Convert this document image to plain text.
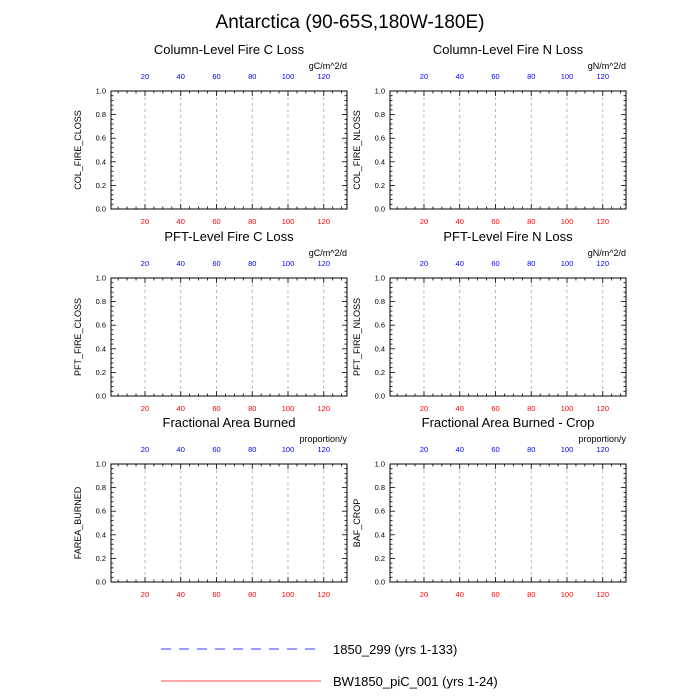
Antarctica (90-65S,180W-180E)
Column-Level Fire C Loss
gC/m^2/d
COL_FIRE_CLOSS
0.0
0.2
0.4
0.6
0.8
1.0
20
20
40
40
60
60
80
80
100
100
120
120
Column-Level Fire N Loss
gN/m^2/d
COL_FIRE_NLOSS
0.0
0.2
0.4
0.6
0.8
1.0
20
20
40
40
60
60
80
80
100
100
120
120
PFT-Level Fire C Loss
gC/m^2/d
PFT_FIRE_CLOSS
0.0
0.2
0.4
0.6
0.8
1.0
20
20
40
40
60
60
80
80
100
100
120
120
PFT-Level Fire N Loss
gN/m^2/d
PFT_FIRE_NLOSS
0.0
0.2
0.4
0.6
0.8
1.0
20
20
40
40
60
60
80
80
100
100
120
120
Fractional Area Burned
proportion/y
FAREA_BURNED
0.0
0.2
0.4
0.6
0.8
1.0
20
20
40
40
60
60
80
80
100
100
120
120
Fractional Area Burned - Crop
proportion/y
BAF_CROP
0.0
0.2
0.4
0.6
0.8
1.0
20
20
40
40
60
60
80
80
100
100
120
120
1850_299 (yrs 1-133)
BW1850_piC_001 (yrs 1-24)
